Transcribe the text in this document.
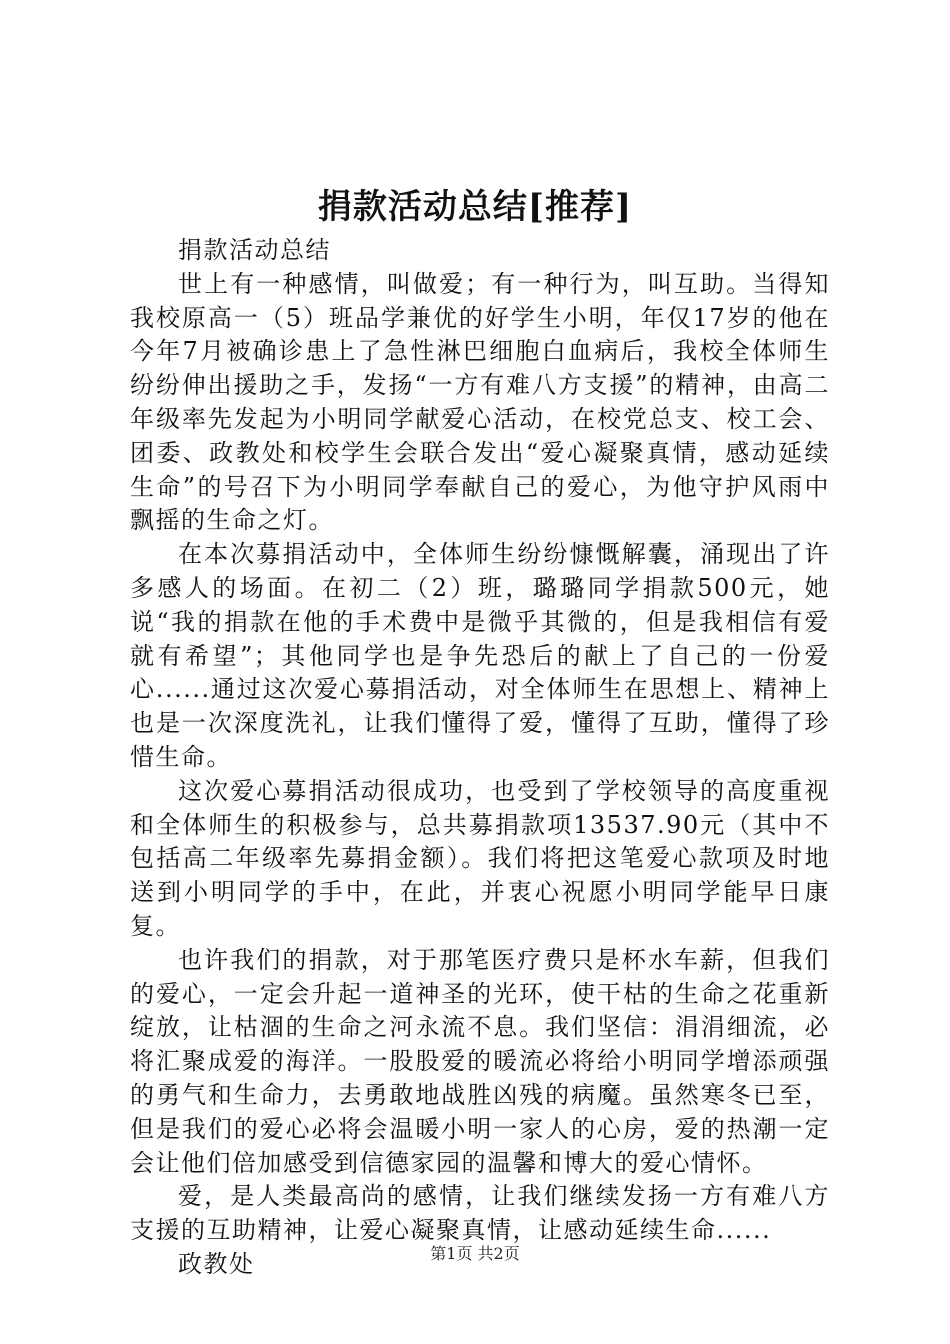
捐款活动总结[推荐]

捐款活动总结

世上有一种感情，叫做爱；有一种行为，叫互助。当得知我校原高一（5）班品学兼优的好学生小明，年仅17岁的他在今年7月被确诊患上了急性淋巴细胞白血病后，我校全体师生纷纷伸出援助之手，发扬“一方有难八方支援”的精神，由高二年级率先发起为小明同学献爱心活动，在校党总支、校工会、团委、政教处和校学生会联合发出“爱心凝聚真情，感动延续生命”的号召下为小明同学奉献自己的爱心，为他守护风雨中飘摇的生命之灯。

在本次募捐活动中，全体师生纷纷慷慨解囊，涌现出了许多感人的场面。在初二（2）班，璐璐同学捐款500元，她说“我的捐款在他的手术费中是微乎其微的，但是我相信有爱就有希望”；其他同学也是争先恐后的献上了自己的一份爱心......通过这次爱心募捐活动，对全体师生在思想上、精神上也是一次深度洗礼，让我们懂得了爱，懂得了互助，懂得了珍惜生命。

这次爱心募捐活动很成功，也受到了学校领导的高度重视和全体师生的积极参与，总共募捐款项13537.90元（其中不包括高二年级率先募捐金额）。我们将把这笔爱心款项及时地送到小明同学的手中，在此，并衷心祝愿小明同学能早日康复。

也许我们的捐款，对于那笔医疗费只是杯水车薪，但我们的爱心，一定会升起一道神圣的光环，使干枯的生命之花重新绽放，让枯涸的生命之河永流不息。我们坚信：涓涓细流，必将汇聚成爱的海洋。一股股爱的暖流必将给小明同学增添顽强的勇气和生命力，去勇敢地战胜凶残的病魔。虽然寒冬已至，但是我们的爱心必将会温暖小明一家人的心房，爱的热潮一定会让他们倍加感受到信德家园的温馨和博大的爱心情怀。

爱，是人类最高尚的感情，让我们继续发扬一方有难八方支援的互助精神，让爱心凝聚真情，让感动延续生命......

政教处	第1页 共2页
